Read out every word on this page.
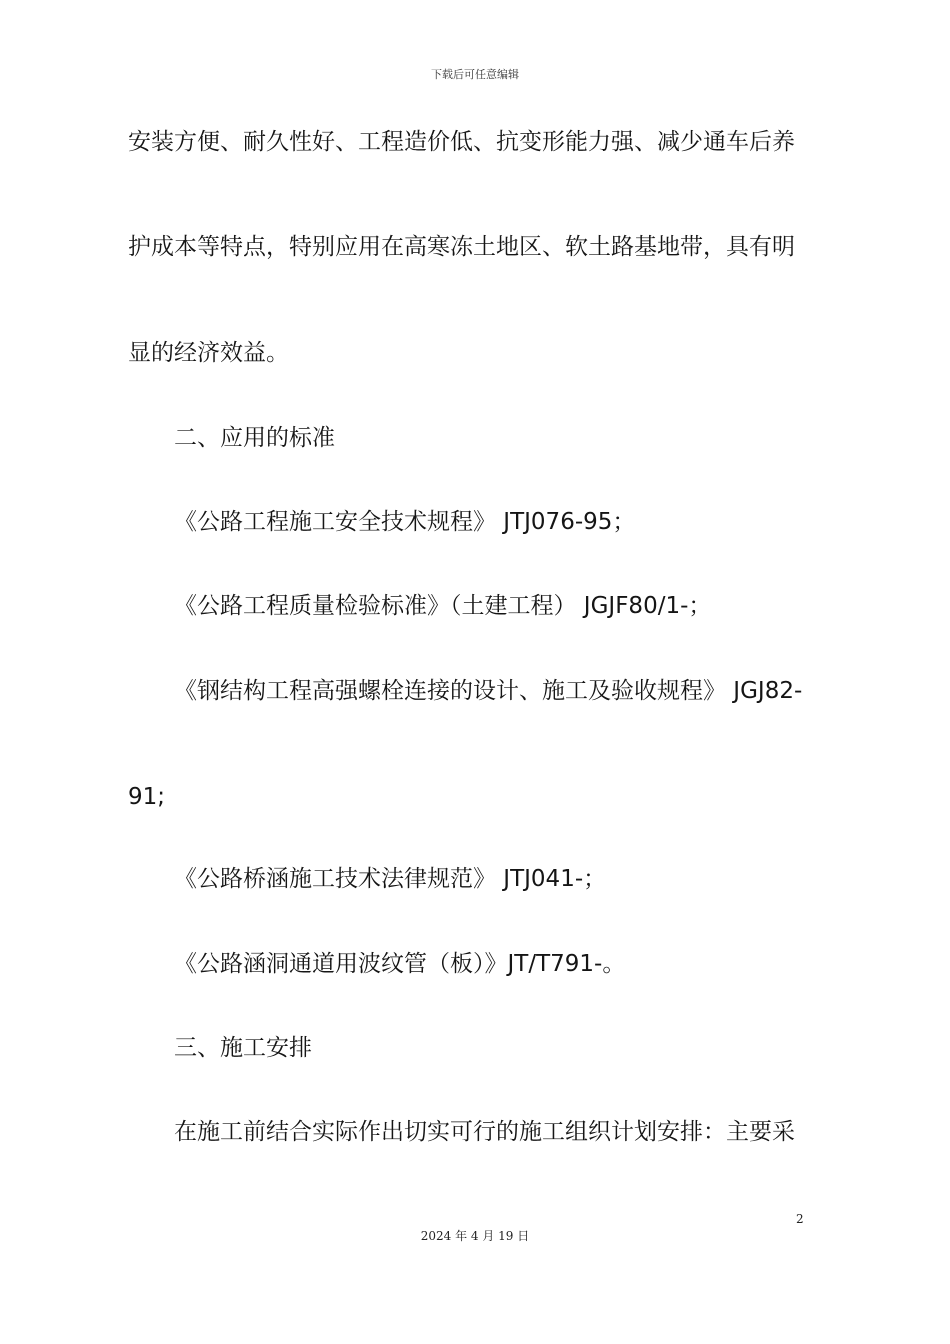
下载后可任意编辑
安装方便、耐久性好、工程造价低、抗变形能力强、减少通车后养
护成本等特点，特别应用在高寒冻土地区、软土路基地带，具有明
显的经济效益。
二、应用的标准
《公路工程施工安全技术规程》 JTJ076-95；
《公路工程质量检验标准》（土建工程） JGJF80/1-；
《钢结构工程高强螺栓连接的设计、施工及验收规程》 JGJ82-
91;
《公路桥涵施工技术法律规范》 JTJ041-；
《公路涵洞通道用波纹管（板）》JT/T791-。
三、施工安排
在施工前结合实际作出切实可行的施工组织计划安排：主要采
2
2024 年 4 月 19 日
